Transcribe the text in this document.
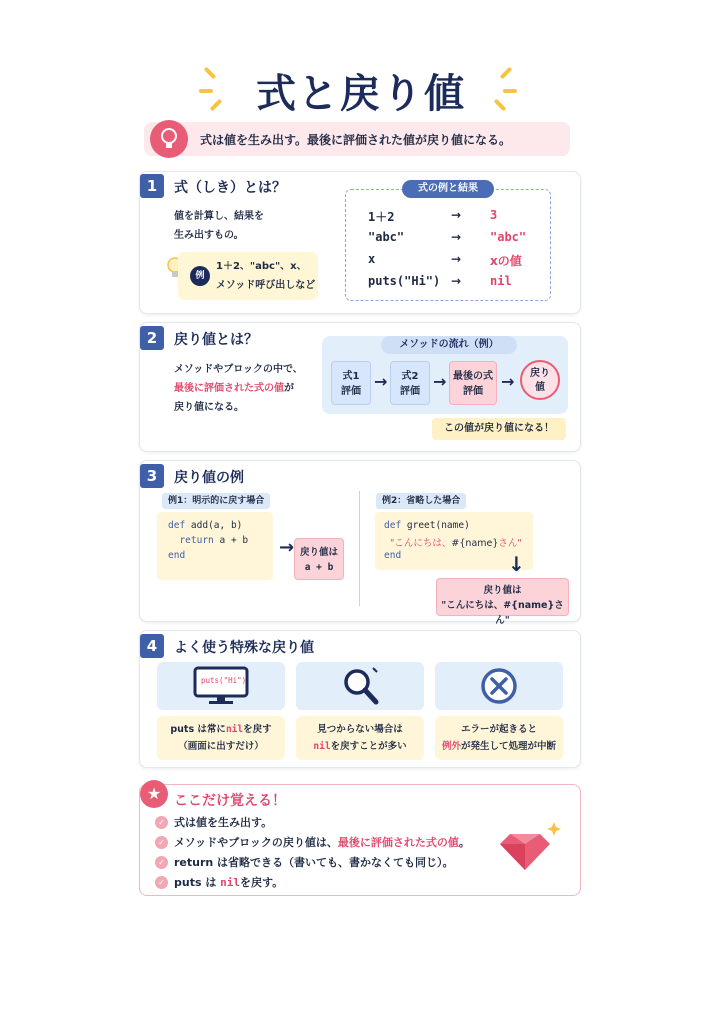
式と戻り値
式は値を生み出す。最後に評価された値が戻り値になる。
1	式（しき）とは？
値を計算し、結果を
生み出すもの。
例
1＋2、"abc"、x、
メソッド呼び出しなど
式の例と結果
1＋2	→ 3
"abc"	→ "abc"
x	→ xの値
puts("Hi") → nil
2	戻り値とは？
メソッドやブロックの中で、
最後に評価された式の値が
戻り値になる。
メソッドの流れ（例）
式1
評価
→	式2
評価
→ 最後の式
評価
→	戻り
値
この値が戻り値になる！
3	戻り値の例
例1：明示的に戻す場合
def add(a, b)
return a + b
end	→ 戻り値は
a + b
例2：省略した場合
def greet(name)
"こんにちは、#{name}さん"
end	↓
戻り値は
"こんにちは、#{name}さん"
4	よく使う特殊な戻り値
puts("Hi")
puts は常にnilを戻す
（画面に出すだけ）
見つからない場合は
nilを戻すことが多い
エラーが起きると
例外が発生して処理が中断
★ ここだけ覚える！
✓ 式は値を生み出す。
✓ メソッドやブロックの戻り値は、最後に評価された式の値。
✓ return は省略できる（書いても、書かなくても同じ）。
✓ puts は nilを戻す。
